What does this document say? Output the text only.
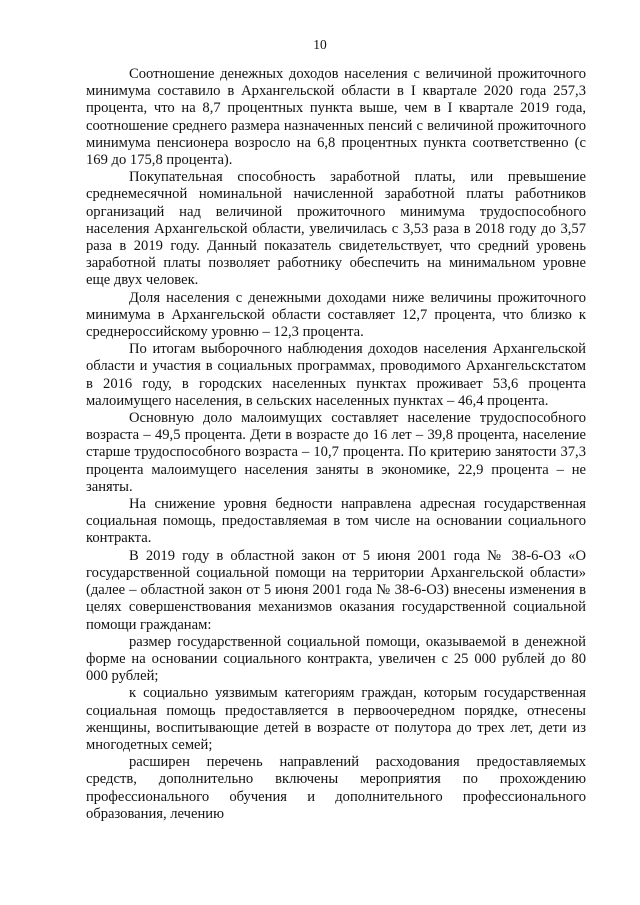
10

Соотношение денежных доходов населения с величиной прожиточного минимума составило в Архангельской области в I квартале 2020 года 257,3 процента, что на 8,7 процентных пункта выше, чем в I квартале 2019 года, соотношение среднего размера назначенных пенсий с величиной прожиточного минимума пенсионера возросло на 6,8 процентных пункта соответственно (с 169 до 175,8 процента).

Покупательная способность заработной платы, или превышение среднемесячной номинальной начисленной заработной платы работников организаций над величиной прожиточного минимума трудоспособного населения Архангельской области, увеличилась с 3,53 раза в 2018 году до 3,57 раза в 2019 году. Данный показатель свидетельствует, что средний уровень заработной платы позволяет работнику обеспечить на минимальном уровне еще двух человек.

Доля населения с денежными доходами ниже величины прожиточного минимума в Архангельской области составляет 12,7 процента, что близко к среднероссийскому уровню – 12,3 процента.

По итогам выборочного наблюдения доходов населения Архангельской области и участия в социальных программах, проводимого Архангельскстатом в 2016 году, в городских населенных пунктах проживает 53,6 процента малоимущего населения, в сельских населенных пунктах – 46,4 процента.

Основную доло малоимущих составляет население трудоспособного возраста – 49,5 процента. Дети в возрасте до 16 лет – 39,8 процента, население старше трудоспособного возраста – 10,7 процента. По критерию занятости 37,3 процента малоимущего населения заняты в экономике, 22,9 процента – не заняты.

На снижение уровня бедности направлена адресная государственная социальная помощь, предоставляемая в том числе на основании социального контракта.

В 2019 году в областной закон от 5 июня 2001 года № 38-6-ОЗ «О государственной социальной помощи на территории Архангельской области» (далее – областной закон от 5 июня 2001 года № 38-6-ОЗ) внесены изменения в целях совершенствования механизмов оказания государственной социальной помощи гражданам:

размер государственной социальной помощи, оказываемой в денежной форме на основании социального контракта, увеличен с 25 000 рублей до 80 000 рублей;

к социально уязвимым категориям граждан, которым государственная социальная помощь предоставляется в первоочередном порядке, отнесены женщины, воспитывающие детей в возрасте от полутора до трех лет, дети из многодетных семей;

расширен перечень направлений расходования предоставляемых средств, дополнительно включены мероприятия по прохождению профессионального обучения и дополнительного профессионального образования, лечению
